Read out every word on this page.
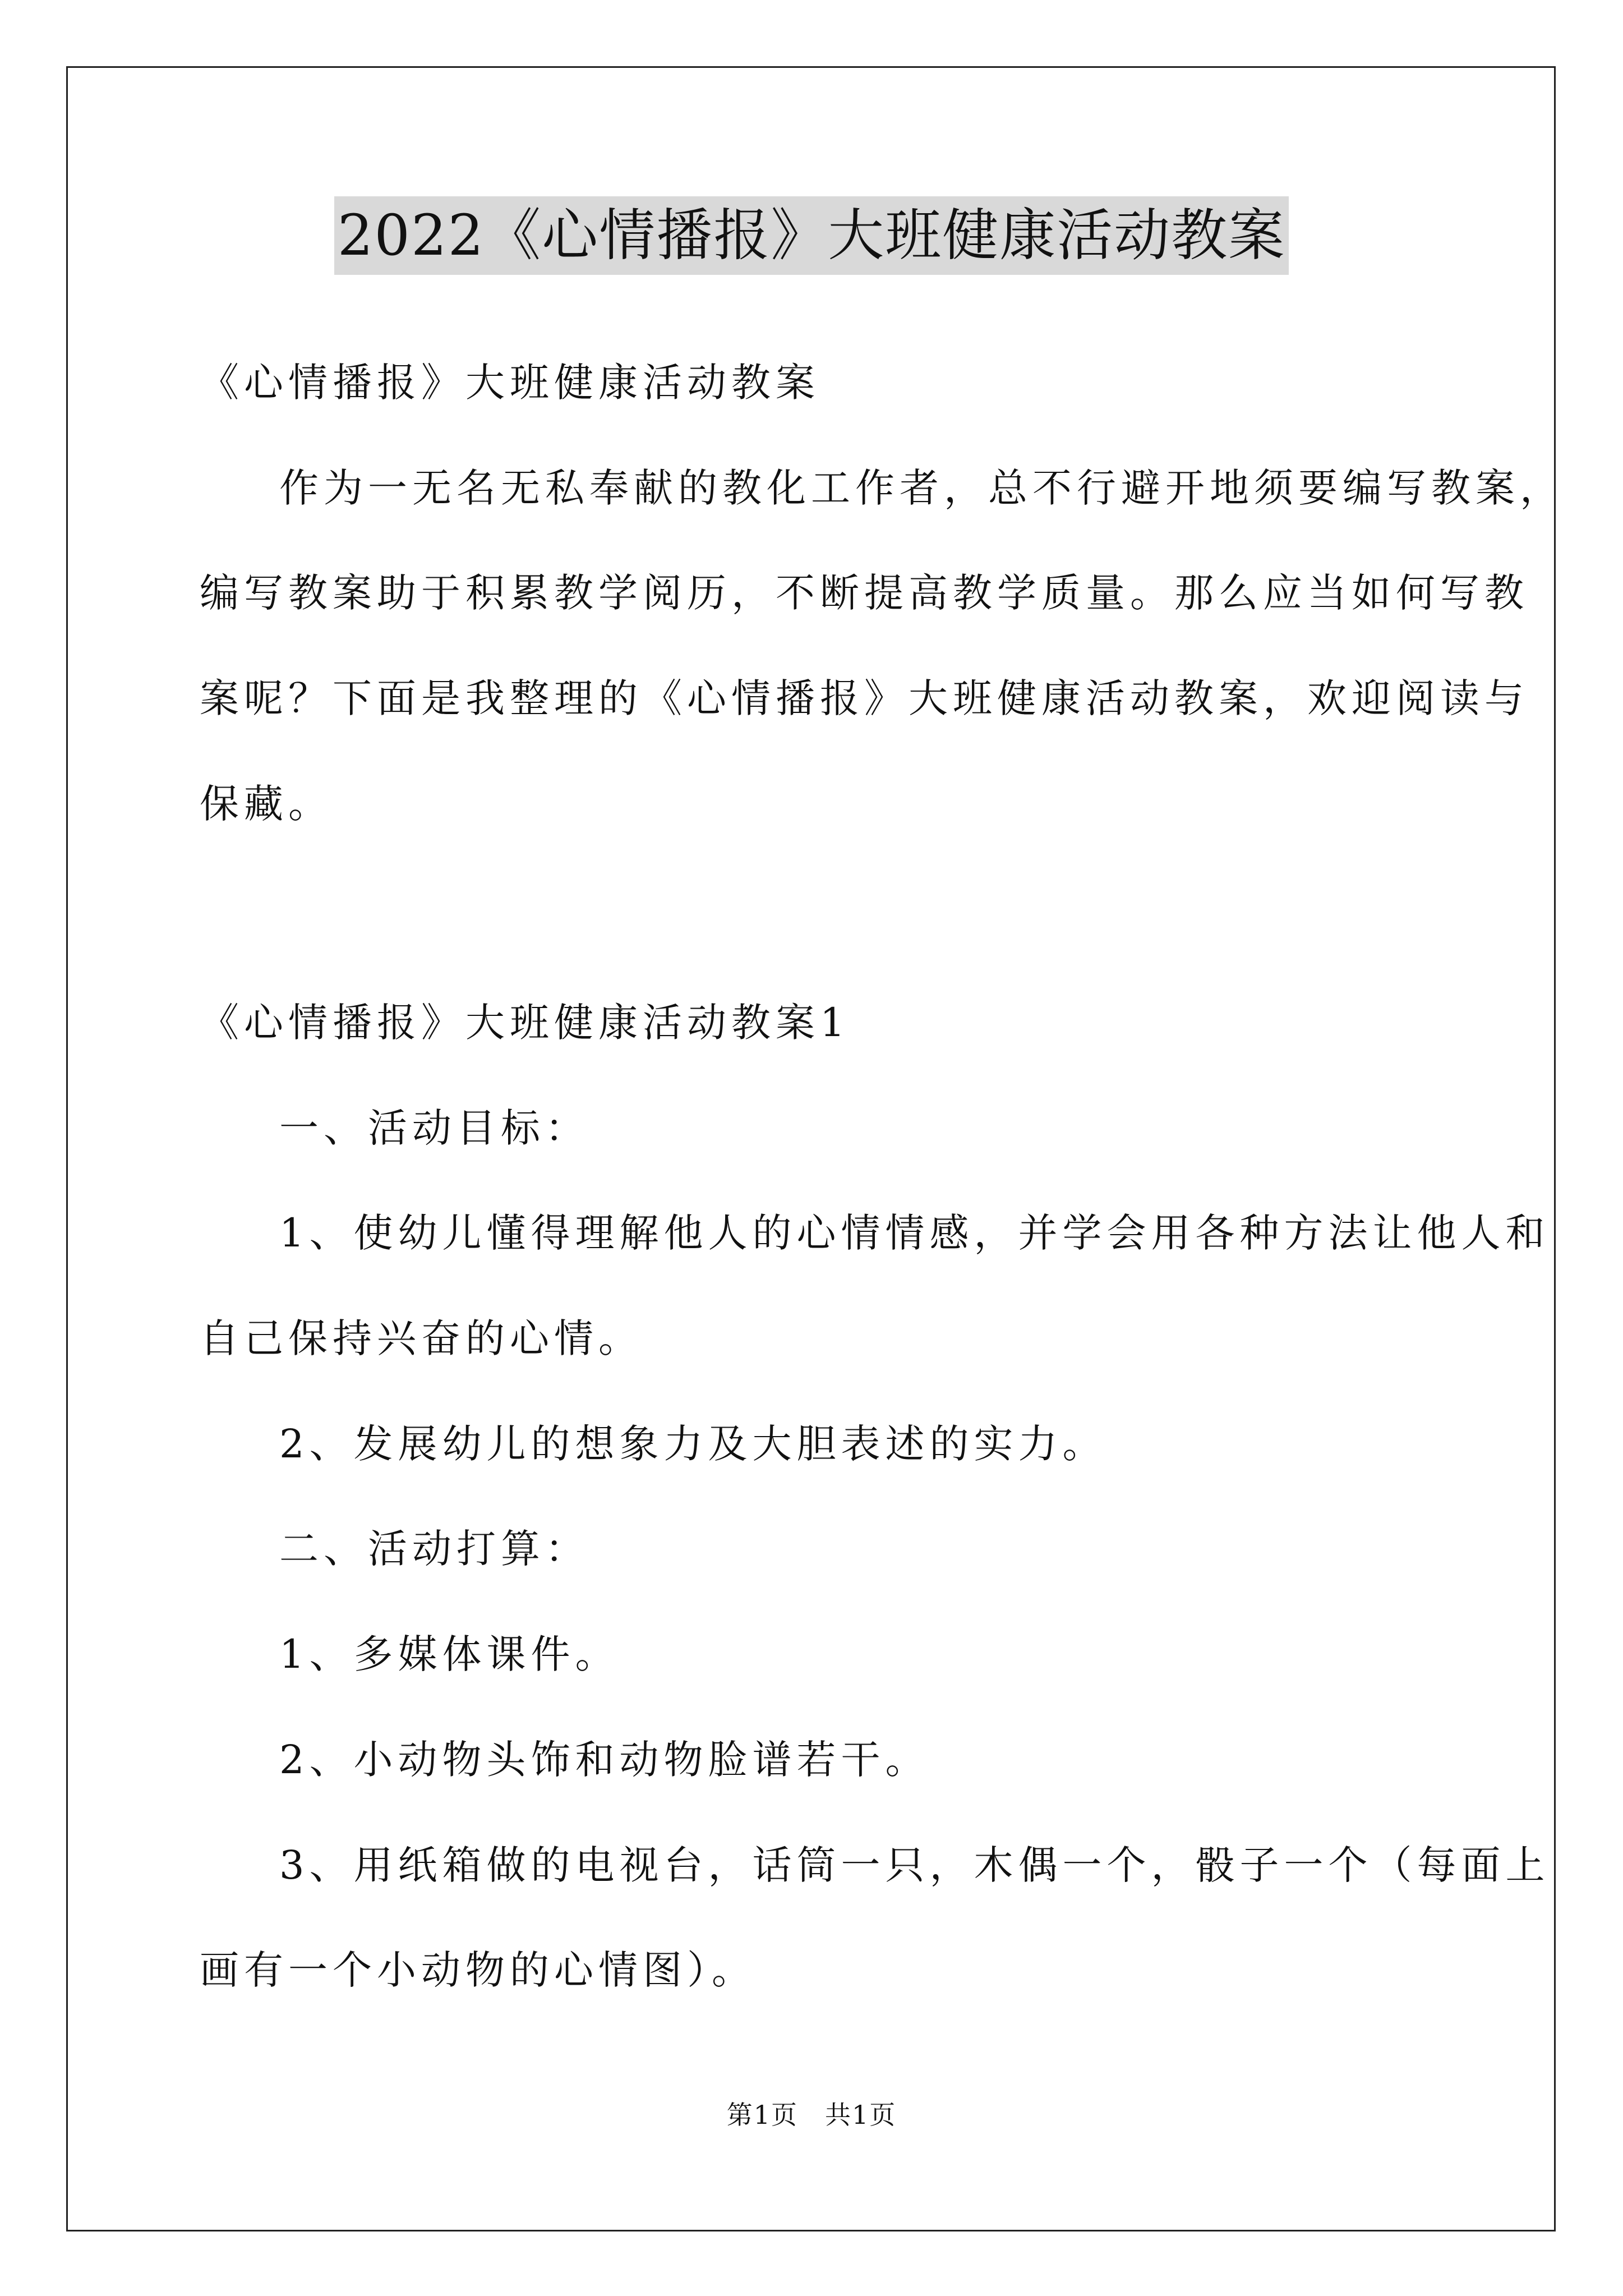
2022《心情播报》大班健康活动教案
《心情播报》大班健康活动教案
作为一无名无私奉献的教化工作者，总不行避开地须要编写教案，
编写教案助于积累教学阅历，不断提高教学质量。那么应当如何写教
案呢？下面是我整理的《心情播报》大班健康活动教案，欢迎阅读与
保藏。
《心情播报》大班健康活动教案1
一、活动目标：
1、使幼儿懂得理解他人的心情情感，并学会用各种方法让他人和
自己保持兴奋的心情。
2、发展幼儿的想象力及大胆表述的实力。
二、活动打算：
1、多媒体课件。
2、小动物头饰和动物脸谱若干。
3、用纸箱做的电视台，话筒一只，木偶一个，骰子一个（每面上
画有一个小动物的心情图）。
第1页　共1页
